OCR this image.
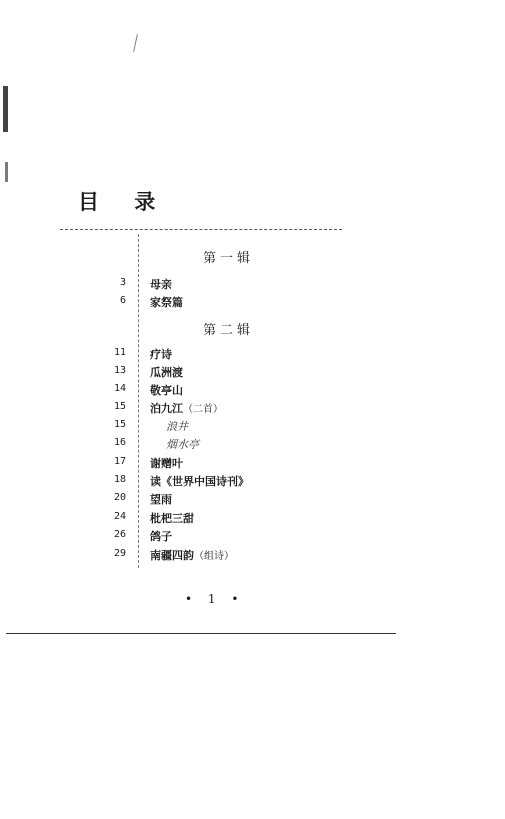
目 录
第一辑
3 母亲
6 家祭篇
第二辑
11 疗诗
13 瓜洲渡
14 敬亭山
15 泊九江（二首）
15	浪井
16	烟水亭
17 谢赠叶
18 读《世界中国诗刊》
20 望雨
24 枇杷三甜
26 鸽子
29 南疆四韵（组诗）
• 1 •
